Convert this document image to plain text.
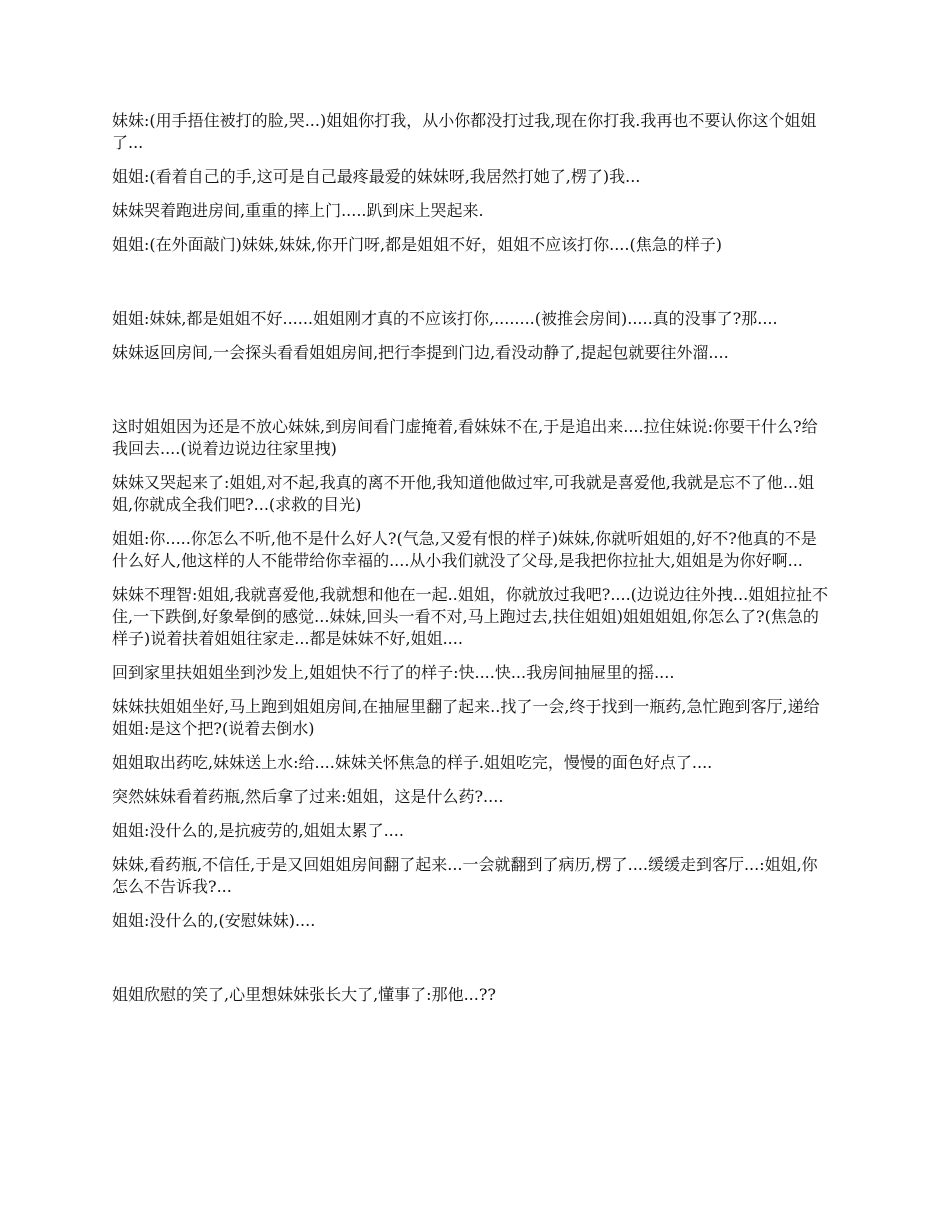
妹妹:(用手捂住被打的脸,哭...)姐姐你打我，从小你都没打过我,现在你打我.我再也不要认你这个姐姐了...

姐姐:(看着自己的手,这可是自己最疼最爱的妹妹呀,我居然打她了,楞了)我...

妹妹哭着跑进房间,重重的摔上门.....趴到床上哭起来.

姐姐:(在外面敲门)妹妹,妹妹,你开门呀,都是姐姐不好，姐姐不应该打你....(焦急的样子)

姐姐:妹妹,都是姐姐不好......姐姐刚才真的不应该打你,........(被推会房间).....真的没事了?那....

妹妹返回房间,一会探头看看姐姐房间,把行李提到门边,看没动静了,提起包就要往外溜....

这时姐姐因为还是不放心妹妹,到房间看门虚掩着,看妹妹不在,于是追出来....拉住妹说:你要干什么?给我回去....(说着边说边往家里拽)

妹妹又哭起来了:姐姐,对不起,我真的离不开他,我知道他做过牢,可我就是喜爱他,我就是忘不了他...姐姐,你就成全我们吧?...(求救的目光)

姐姐:你.....你怎么不听,他不是什么好人?(气急,又爱有恨的样子)妹妹,你就听姐姐的,好不?他真的不是什么好人,他这样的人不能带给你幸福的....从小我们就没了父母,是我把你拉扯大,姐姐是为你好啊...

妹妹不理智:姐姐,我就喜爱他,我就想和他在一起..姐姐，你就放过我吧?....(边说边往外拽...姐姐拉扯不住,一下跌倒,好象晕倒的感觉...妹妹,回头一看不对,马上跑过去,扶住姐姐)姐姐姐姐,你怎么了?(焦急的样子)说着扶着姐姐往家走...都是妹妹不好,姐姐....

回到家里扶姐姐坐到沙发上,姐姐快不行了的样子:快....快...我房间抽屉里的摇....

妹妹扶姐姐坐好,马上跑到姐姐房间,在抽屉里翻了起来..找了一会,终于找到一瓶药,急忙跑到客厅,递给姐姐:是这个把?(说着去倒水)

姐姐取出药吃,妹妹送上水:给....妹妹关怀焦急的样子.姐姐吃完，慢慢的面色好点了....

突然妹妹看着药瓶,然后拿了过来:姐姐，这是什么药?....

姐姐:没什么的,是抗疲劳的,姐姐太累了....

妹妹,看药瓶,不信任,于是又回姐姐房间翻了起来...一会就翻到了病历,楞了....缓缓走到客厅...:姐姐,你怎么不告诉我?...

姐姐:没什么的,(安慰妹妹)....

姐姐欣慰的笑了,心里想妹妹张长大了,懂事了:那他...??
